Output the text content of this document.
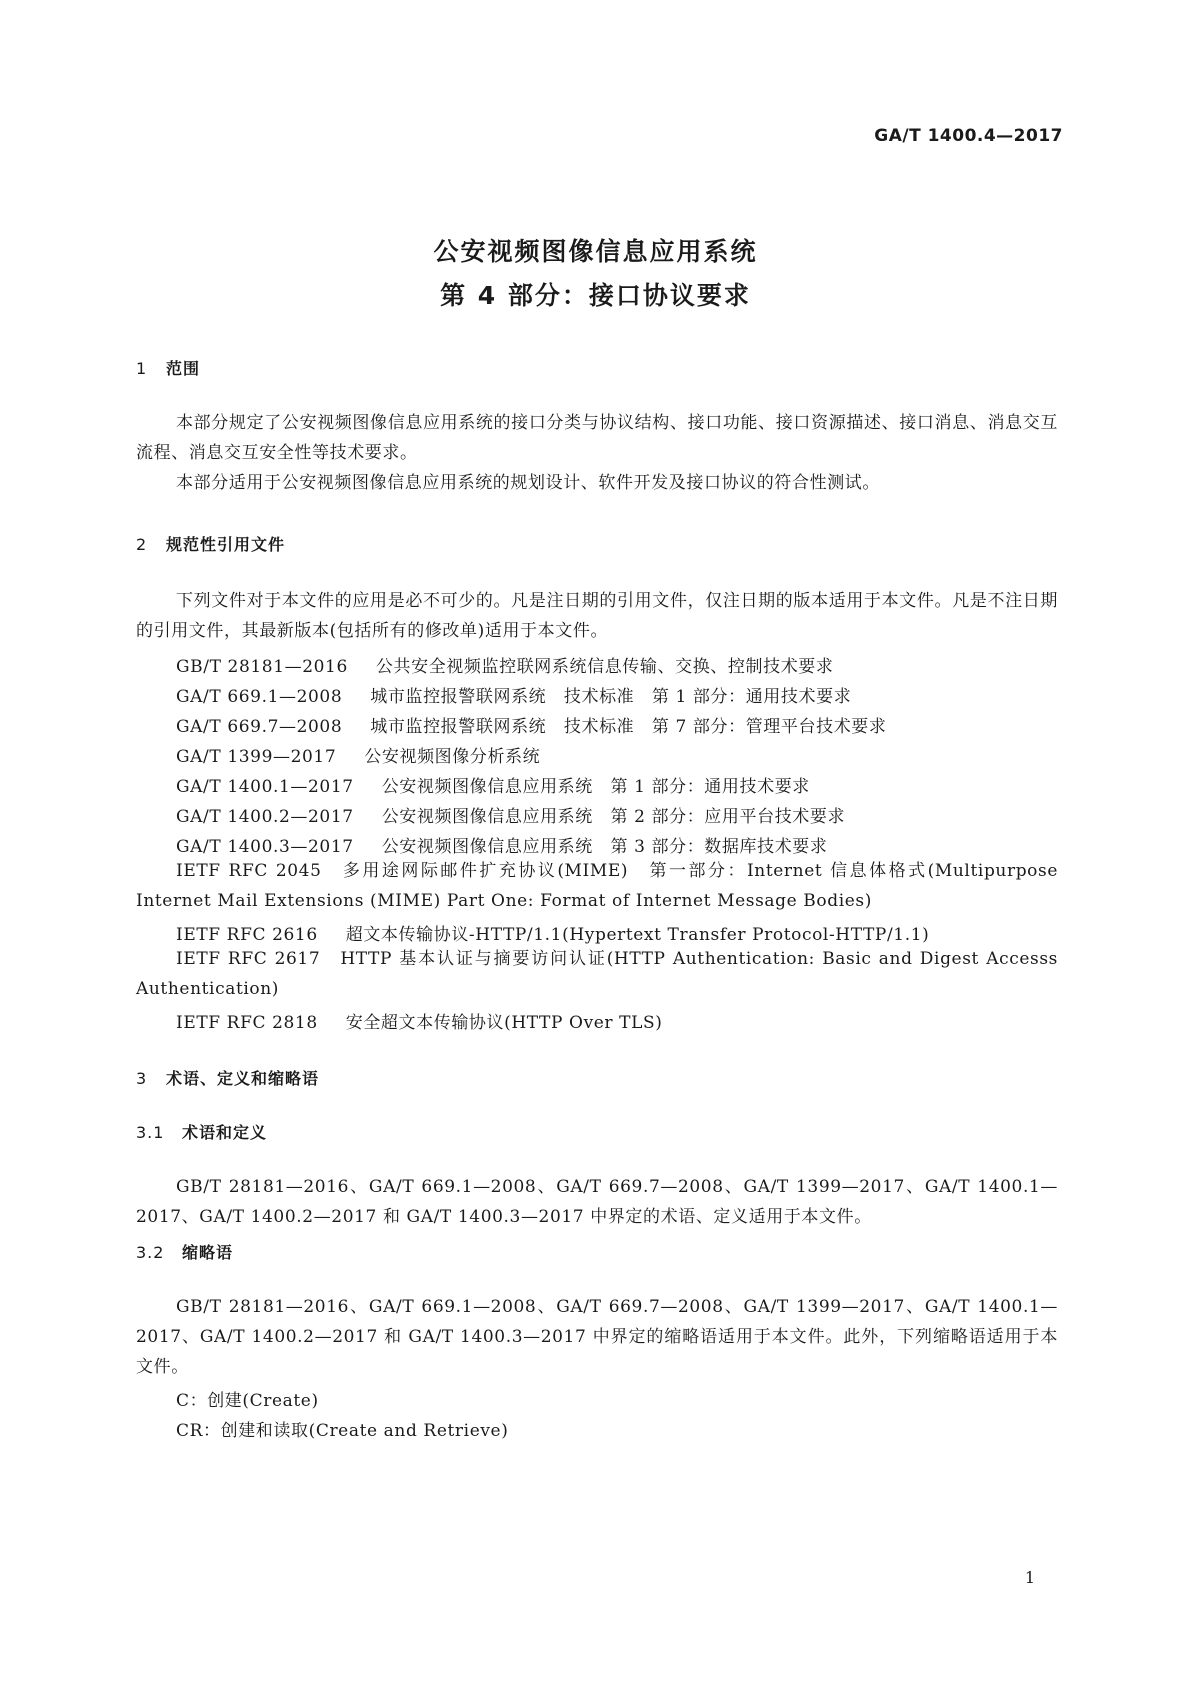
GA/T 1400.4—2017
公安视频图像信息应用系统
第 4 部分：接口协议要求
1 范围
本部分规定了公安视频图像信息应用系统的接口分类与协议结构、接口功能、接口资源描述、接口消息、消息交互流程、消息交互安全性等技术要求。
本部分适用于公安视频图像信息应用系统的规划设计、软件开发及接口协议的符合性测试。
2 规范性引用文件
下列文件对于本文件的应用是必不可少的。凡是注日期的引用文件，仅注日期的版本适用于本文件。凡是不注日期的引用文件，其最新版本(包括所有的修改单)适用于本文件。
GB/T 28181—2016 公共安全视频监控联网系统信息传输、交换、控制技术要求
GA/T 669.1—2008 城市监控报警联网系统　技术标准　第 1 部分：通用技术要求
GA/T 669.7—2008 城市监控报警联网系统　技术标准　第 7 部分：管理平台技术要求
GA/T 1399—2017 公安视频图像分析系统
GA/T 1400.1—2017 公安视频图像信息应用系统　第 1 部分：通用技术要求
GA/T 1400.2—2017 公安视频图像信息应用系统　第 2 部分：应用平台技术要求
GA/T 1400.3—2017 公安视频图像信息应用系统　第 3 部分：数据库技术要求
IETF RFC 2045　多用途网际邮件扩充协议(MIME)　第一部分：Internet 信息体格式(Multipurpose Internet Mail Extensions (MIME) Part One: Format of Internet Message Bodies)
IETF RFC 2616 超文本传输协议-HTTP/1.1(Hypertext Transfer Protocol-HTTP/1.1)
IETF RFC 2617　HTTP 基本认证与摘要访问认证(HTTP Authentication: Basic and Digest Accesss Authentication)
IETF RFC 2818 安全超文本传输协议(HTTP Over TLS)
3 术语、定义和缩略语
3.1 术语和定义
GB/T 28181—2016、GA/T 669.1—2008、GA/T 669.7—2008、GA/T 1399—2017、GA/T 1400.1—2017、GA/T 1400.2—2017 和 GA/T 1400.3—2017 中界定的术语、定义适用于本文件。
3.2 缩略语
GB/T 28181—2016、GA/T 669.1—2008、GA/T 669.7—2008、GA/T 1399—2017、GA/T 1400.1—2017、GA/T 1400.2—2017 和 GA/T 1400.3—2017 中界定的缩略语适用于本文件。此外，下列缩略语适用于本文件。
C：创建(Create)
CR：创建和读取(Create and Retrieve)
1
